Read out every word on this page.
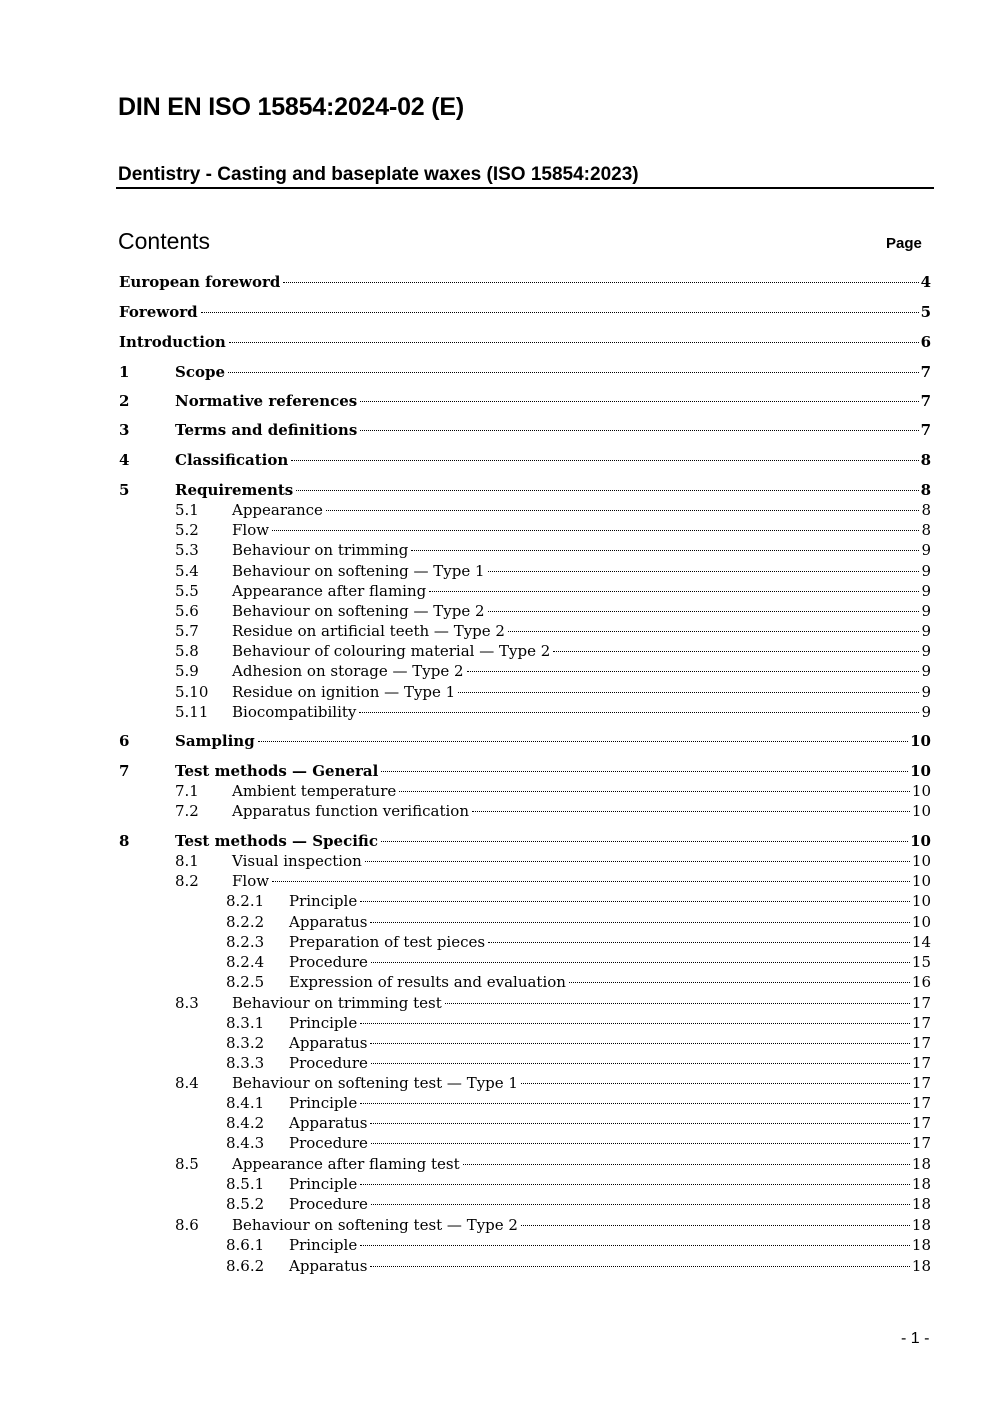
DIN EN ISO 15854:2024-02 (E)
Dentistry - Casting and baseplate waxes (ISO 15854:2023)
Contents	Page
European foreword	4
Foreword	5
Introduction	6
1	Scope	7
2	Normative references	7
3	Terms and definitions	7
4	Classification	8
5	Requirements	8
5.1	Appearance	8
5.2	Flow	8
5.3	Behaviour on trimming	9
5.4	Behaviour on softening — Type 1	9
5.5	Appearance after flaming	9
5.6	Behaviour on softening — Type 2	9
5.7	Residue on artificial teeth — Type 2	9
5.8	Behaviour of colouring material — Type 2	9
5.9	Adhesion on storage — Type 2	9
5.10	Residue on ignition — Type 1	9
5.11	Biocompatibility	9
6	Sampling	10
7	Test methods — General	10
7.1	Ambient temperature	10
7.2	Apparatus function verification	10
8	Test methods — Specific	10
8.1	Visual inspection	10
8.2	Flow	10
8.2.1	Principle	10
8.2.2	Apparatus	10
8.2.3	Preparation of test pieces	14
8.2.4	Procedure	15
8.2.5	Expression of results and evaluation	16
8.3	Behaviour on trimming test	17
8.3.1	Principle	17
8.3.2	Apparatus	17
8.3.3	Procedure	17
8.4	Behaviour on softening test — Type 1	17
8.4.1	Principle	17
8.4.2	Apparatus	17
8.4.3	Procedure	17
8.5	Appearance after flaming test	18
8.5.1	Principle	18
8.5.2	Procedure	18
8.6	Behaviour on softening test — Type 2	18
8.6.1	Principle	18
8.6.2	Apparatus	18
- 1 -
